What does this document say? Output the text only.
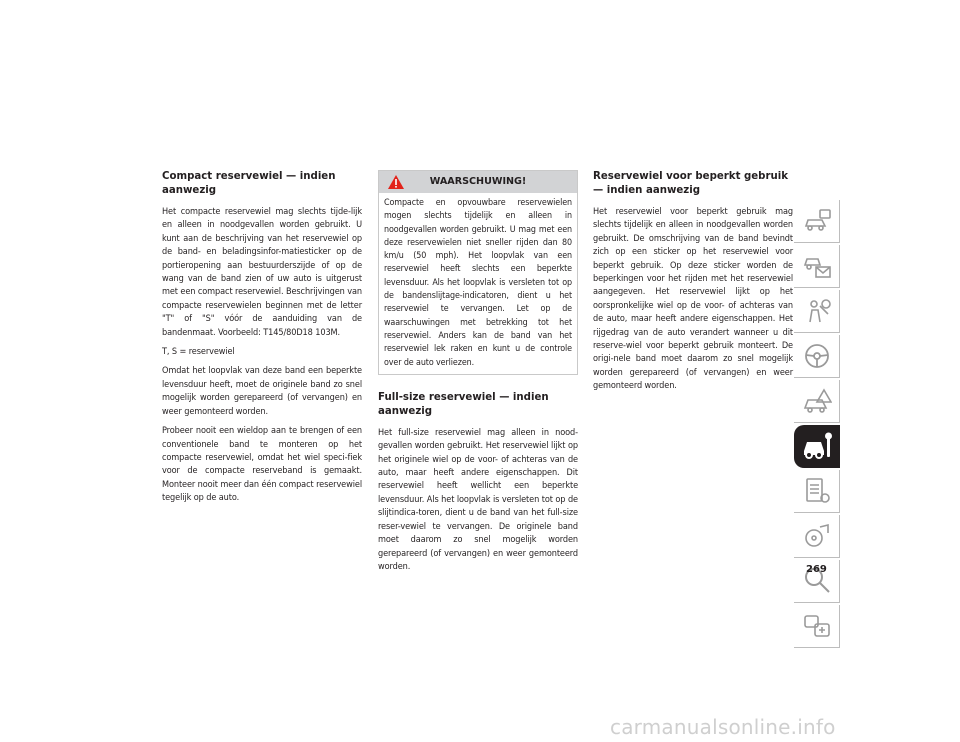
Compact reservewiel — indien aanwezig

Het compacte reservewiel mag slechts tijde-lijk en alleen in noodgevallen worden gebruikt. U kunt aan de beschrijving van het reservewiel op de band- en beladingsinfor-matiesticker op de portieropening aan bestuurderszijde of op de wang van de band zien of uw auto is uitgerust met een compact reservewiel. Beschrijvingen van compacte reservewielen beginnen met de letter "T" of "S" vóór de aanduiding van de bandenmaat. Voorbeeld: T145/80D18 103M.

T, S = reservewiel

Omdat het loopvlak van deze band een beperkte levensduur heeft, moet de originele band zo snel mogelijk worden gerepareerd (of vervangen) en weer gemonteerd worden.

Probeer nooit een wieldop aan te brengen of een conventionele band te monteren op het compacte reservewiel, omdat het wiel speci-fiek voor de compacte reserveband is gemaakt. Monteer nooit meer dan één compact reservewiel tegelijk op de auto.

WAARSCHUWING!

Compacte en opvouwbare reservewielen mogen slechts tijdelijk en alleen in noodgevallen worden gebruikt. U mag met een deze reservewielen niet sneller rijden dan 80 km/u (50 mph). Het loopvlak van een reservewiel heeft slechts een beperkte levensduur. Als het loopvlak is versleten tot op de bandenslijtage-indicatoren, dient u het reservewiel te vervangen. Let op de waarschuwingen met betrekking tot het reservewiel. Anders kan de band van het reservewiel lek raken en kunt u de controle over de auto verliezen.

Full-size reservewiel — indien aanwezig

Het full-size reservewiel mag alleen in nood-gevallen worden gebruikt. Het reservewiel lijkt op het originele wiel op de voor- of achteras van de auto, maar heeft andere eigenschappen. Dit reservewiel heeft wellicht een beperkte levensduur. Als het loopvlak is versleten tot op de slijtindica-toren, dient u de band van het full-size reser-vewiel te vervangen. De originele band moet daarom zo snel mogelijk worden gerepareerd (of vervangen) en weer gemonteerd worden.

Reservewiel voor beperkt gebruik — indien aanwezig

Het reservewiel voor beperkt gebruik mag slechts tijdelijk en alleen in noodgevallen worden gebruikt. De omschrijving van de band bevindt zich op een sticker op het reservewiel voor beperkt gebruik. Op deze sticker worden de beperkingen voor het rijden met het reservewiel aangegeven. Het reservewiel lijkt op het oorspronkelijke wiel op de voor- of achteras van de auto, maar heeft andere eigenschappen. Het rijgedrag van de auto verandert wanneer u dit reserve-wiel voor beperkt gebruik monteert. De origi-nele band moet daarom zo snel mogelijk worden gerepareerd (of vervangen) en weer gemonteerd worden.

269
carmanualsonline.info
